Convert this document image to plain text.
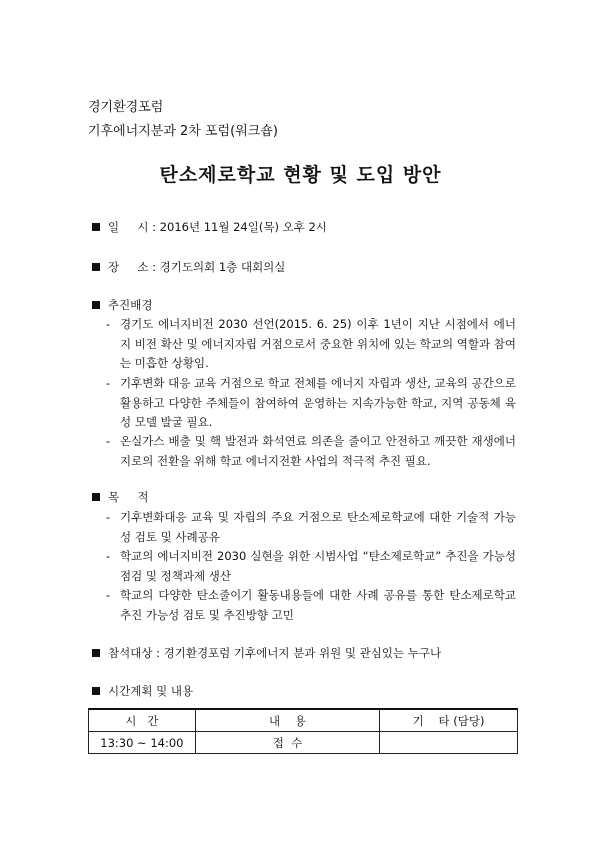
경기환경포럼
기후에너지분과 2차 포럼(워크숍)
탄소제로학교 현황 및 도입 방안
일     시 : 2016년 11월 24일(목) 오후 2시
장     소 : 경기도의회 1층 대회의실
추진배경
- 경기도 에너지비전 2030 선언(2015. 6. 25) 이후 1년이 지난 시점에서 에너지 비전 확산 및 에너지자립 거점으로서 중요한 위치에 있는 학교의 역할과 참여는 미흡한 상황임.
- 기후변화 대응 교육 거점으로 학교 전체를 에너지 자립과 생산, 교육의 공간으로 활용하고 다양한 주체들이 참여하여 운영하는 지속가능한 학교, 지역 공동체 육성 모델 발굴 필요.
- 온실가스 배출 및 핵 발전과 화석연료 의존을 줄이고 안전하고 깨끗한 재생에너지로의 전환을 위해 학교 에너지전환 사업의 적극적 추진 필요.
목     적
- 기후변화대응 교육 및 자립의 주요 거점으로 탄소제로학교에 대한 기술적 가능성 검토 및 사례공유
- 학교의 에너지비전 2030 실현을 위한 시범사업 “탄소제로학교” 추진을 가능성 점검 및 정책과제 생산
- 학교의 다양한 탄소줄이기 활동내용들에 대한 사례 공유를 통한 탄소제로학교 추진 가능성 검토 및 추진방향 고민
참석대상 : 경기환경포럼 기후에너지 분과 위원 및 관심있는 누구나
시간계획 및 내용
시   간	내    용	기    타 (담당)
13:30 ~ 14:00	접  수	
